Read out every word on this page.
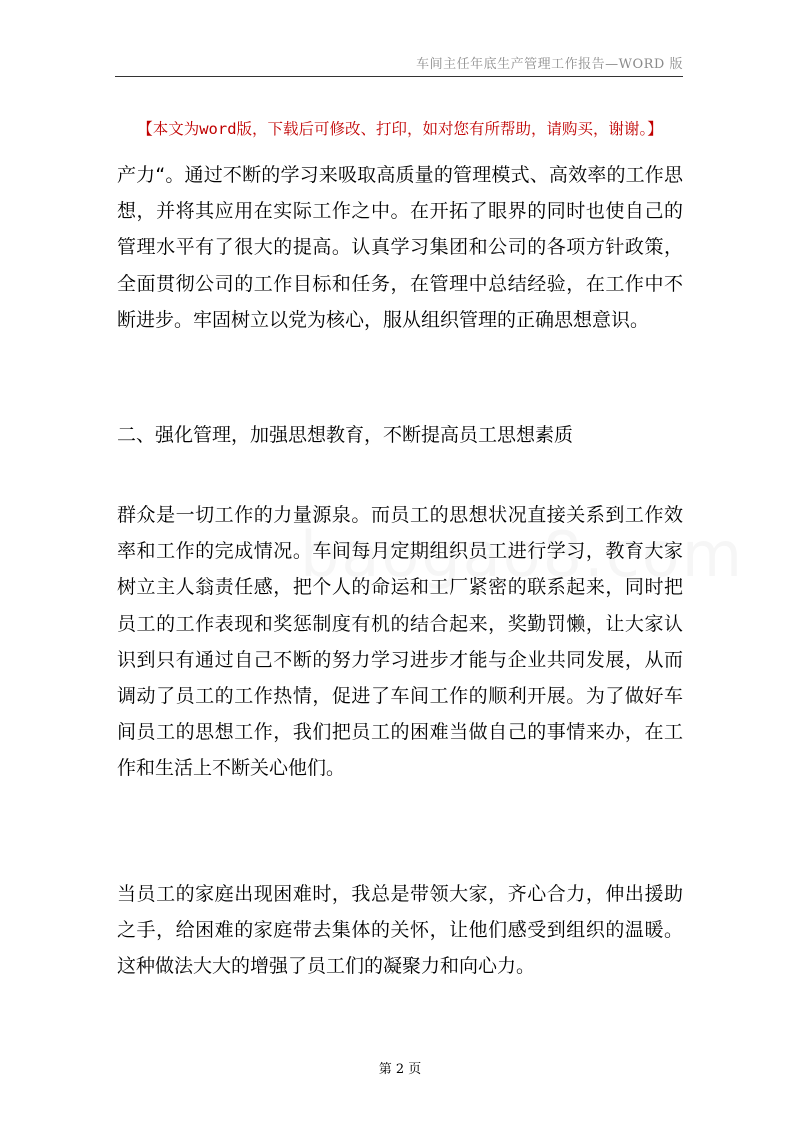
车间主任年底生产管理工作报告—WORD 版
【本文为word版，下载后可修改、打印，如对您有所帮助，请购买，谢谢。】

产力“。通过不断的学习来吸取高质量的管理模式、高效率的工作思想，并将其应用在实际工作之中。在开拓了眼界的同时也使自己的管理水平有了很大的提高。认真学习集团和公司的各项方针政策，全面贯彻公司的工作目标和任务，在管理中总结经验，在工作中不断进步。牢固树立以党为核心，服从组织管理的正确思想意识。

二、强化管理，加强思想教育，不断提高员工思想素质

群众是一切工作的力量源泉。而员工的思想状况直接关系到工作效率和工作的完成情况。车间每月定期组织员工进行学习，教育大家树立主人翁责任感，把个人的命运和工厂紧密的联系起来，同时把员工的工作表现和奖惩制度有机的结合起来，奖勤罚懒，让大家认识到只有通过自己不断的努力学习进步才能与企业共同发展，从而调动了员工的工作热情，促进了车间工作的顺利开展。为了做好车间员工的思想工作，我们把员工的困难当做自己的事情来办，在工作和生活上不断关心他们。

当员工的家庭出现困难时，我总是带领大家，齐心合力，伸出援助之手，给困难的家庭带去集体的关怀，让他们感受到组织的温暖。这种做法大大的增强了员工们的凝聚力和向心力。

第 2 页
